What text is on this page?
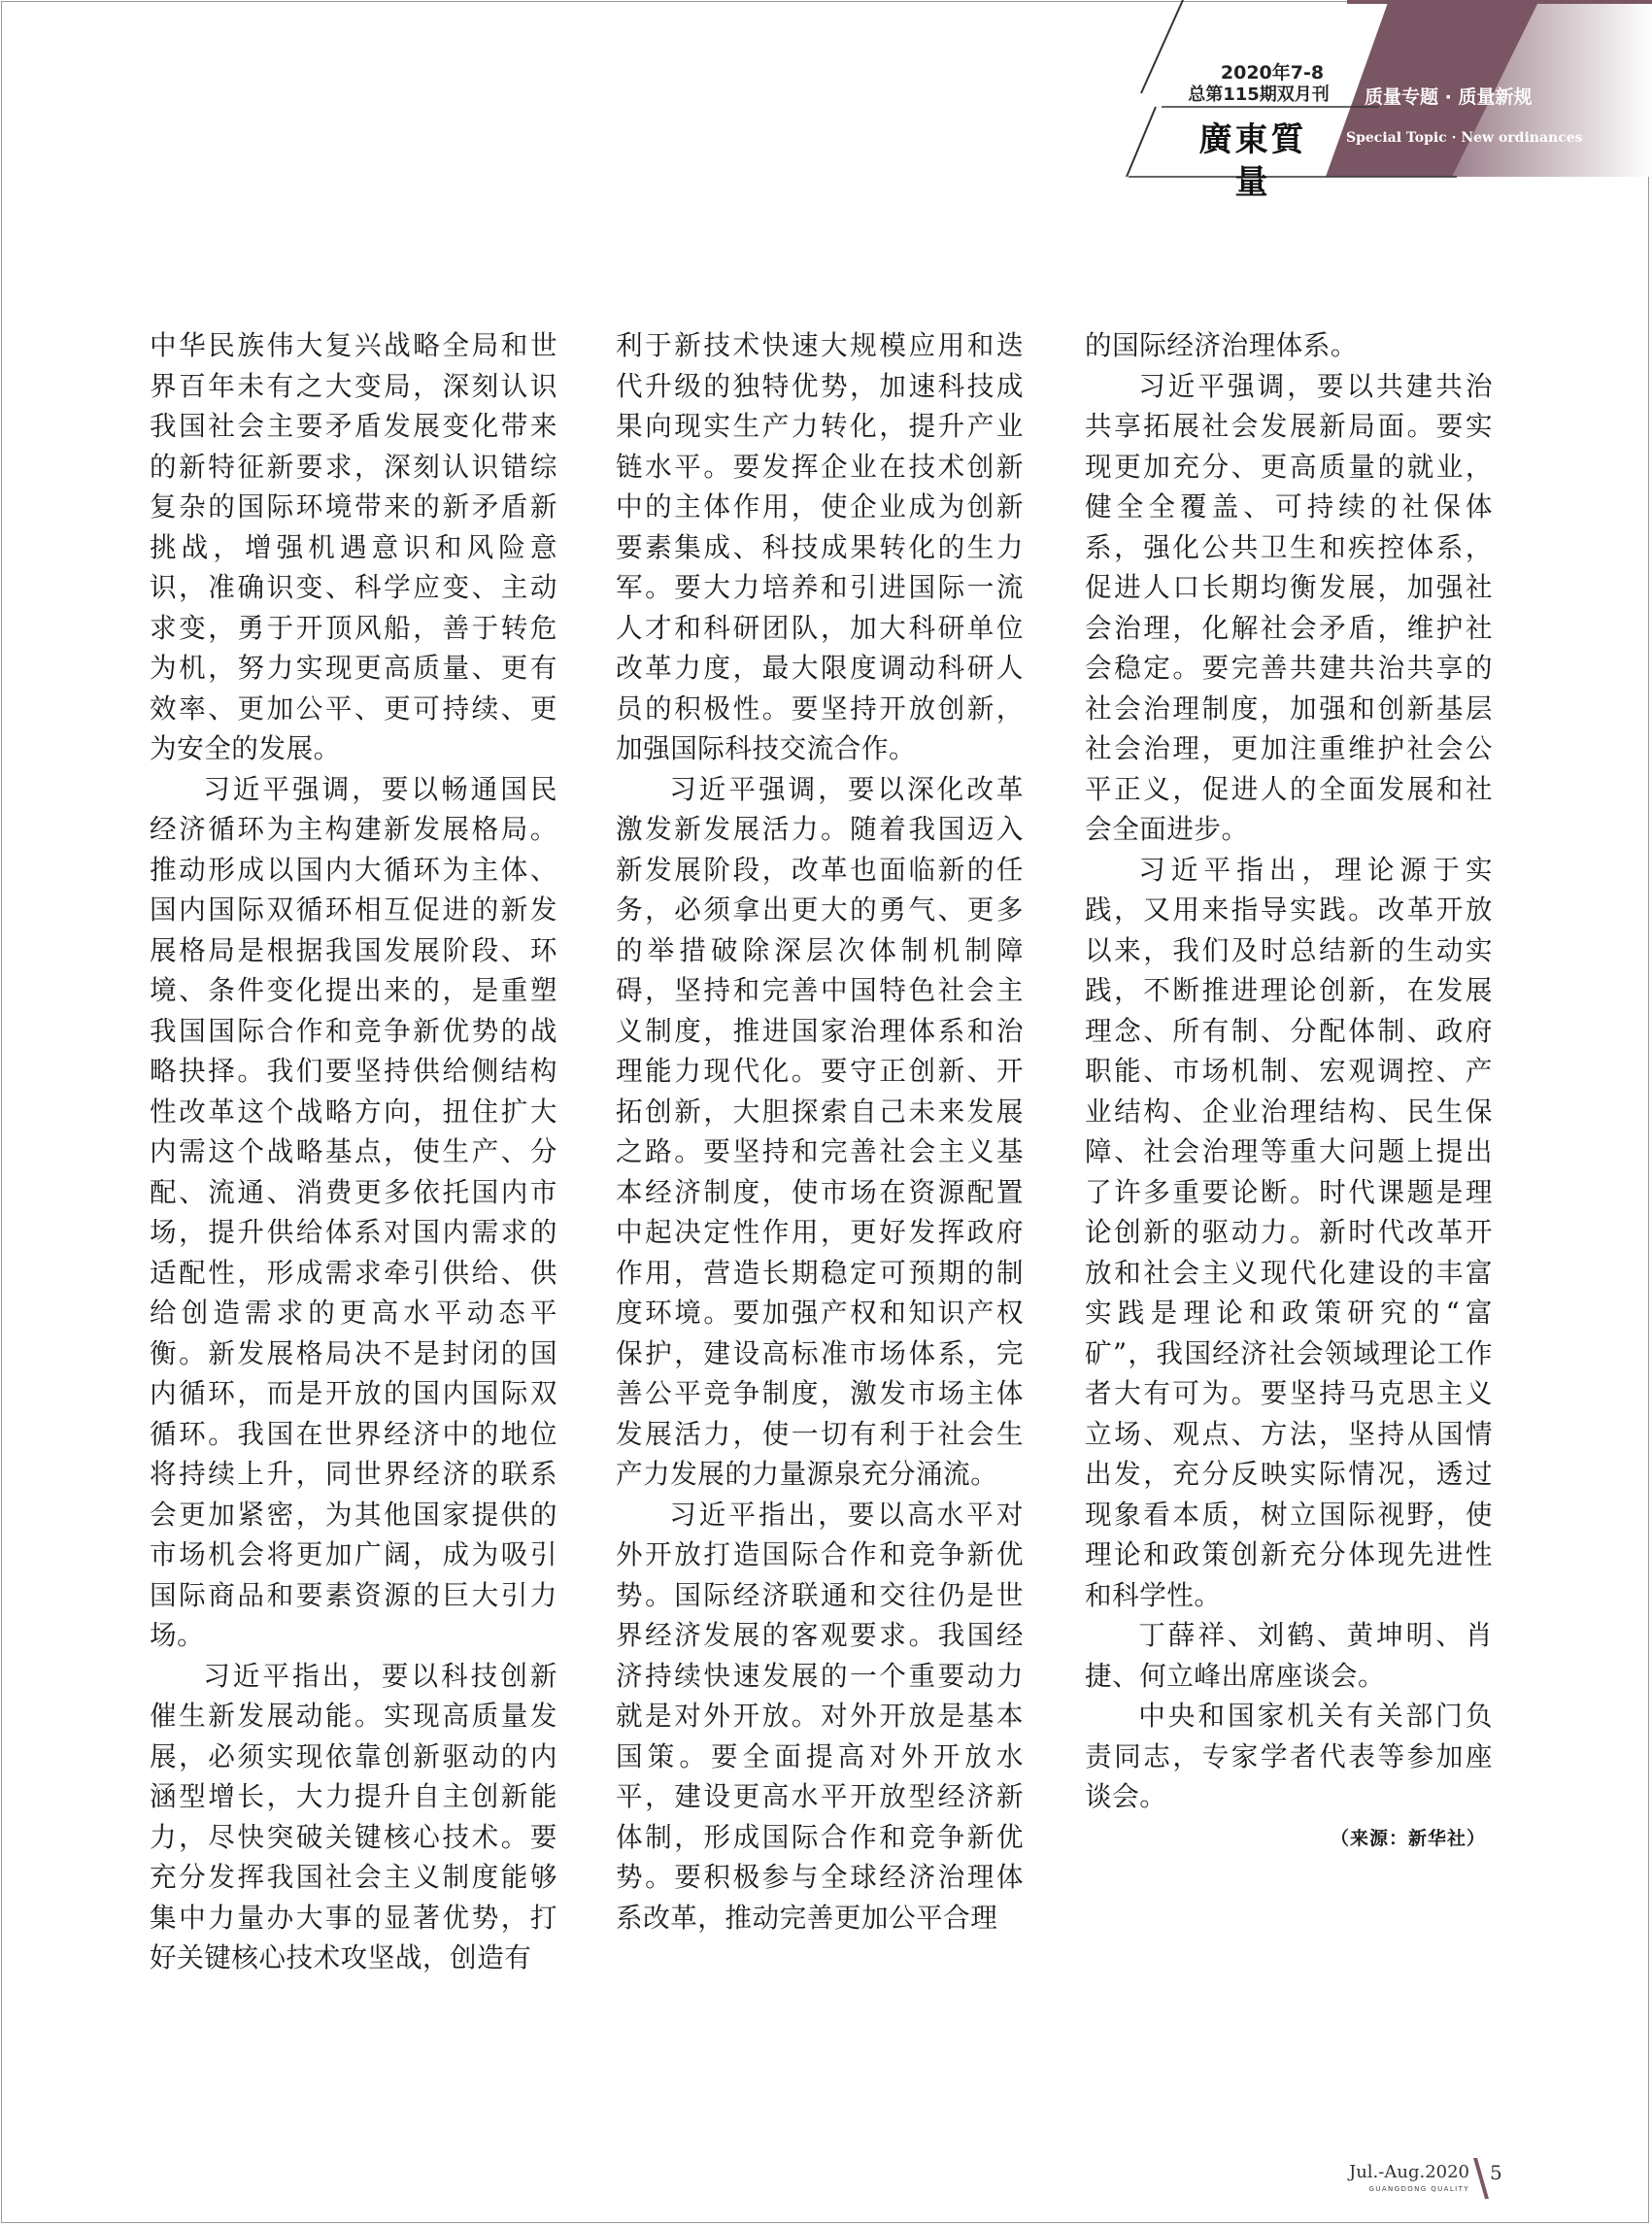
2020年7-8
总第115期双月刊
廣東質量
质量专题 · 质量新规
Special Topic · New ordinances

中华民族伟大复兴战略全局和世界百年未有之大变局，深刻认识我国社会主要矛盾发展变化带来的新特征新要求，深刻认识错综复杂的国际环境带来的新矛盾新挑战，增强机遇意识和风险意识，准确识变、科学应变、主动求变，勇于开顶风船，善于转危为机，努力实现更高质量、更有效率、更加公平、更可持续、更为安全的发展。

习近平强调，要以畅通国民经济循环为主构建新发展格局。推动形成以国内大循环为主体、国内国际双循环相互促进的新发展格局是根据我国发展阶段、环境、条件变化提出来的，是重塑我国国际合作和竞争新优势的战略抉择。我们要坚持供给侧结构性改革这个战略方向，扭住扩大内需这个战略基点，使生产、分配、流通、消费更多依托国内市场，提升供给体系对国内需求的适配性，形成需求牵引供给、供给创造需求的更高水平动态平衡。新发展格局决不是封闭的国内循环，而是开放的国内国际双循环。我国在世界经济中的地位将持续上升，同世界经济的联系会更加紧密，为其他国家提供的市场机会将更加广阔，成为吸引国际商品和要素资源的巨大引力场。

习近平指出，要以科技创新催生新发展动能。实现高质量发展，必须实现依靠创新驱动的内涵型增长，大力提升自主创新能力，尽快突破关键核心技术。要充分发挥我国社会主义制度能够集中力量办大事的显著优势，打好关键核心技术攻坚战，创造有

利于新技术快速大规模应用和迭代升级的独特优势，加速科技成果向现实生产力转化，提升产业链水平。要发挥企业在技术创新中的主体作用，使企业成为创新要素集成、科技成果转化的生力军。要大力培养和引进国际一流人才和科研团队，加大科研单位改革力度，最大限度调动科研人员的积极性。要坚持开放创新，加强国际科技交流合作。

习近平强调，要以深化改革激发新发展活力。随着我国迈入新发展阶段，改革也面临新的任务，必须拿出更大的勇气、更多的举措破除深层次体制机制障碍，坚持和完善中国特色社会主义制度，推进国家治理体系和治理能力现代化。要守正创新、开拓创新，大胆探索自己未来发展之路。要坚持和完善社会主义基本经济制度，使市场在资源配置中起决定性作用，更好发挥政府作用，营造长期稳定可预期的制度环境。要加强产权和知识产权保护，建设高标准市场体系，完善公平竞争制度，激发市场主体发展活力，使一切有利于社会生产力发展的力量源泉充分涌流。

习近平指出，要以高水平对外开放打造国际合作和竞争新优势。国际经济联通和交往仍是世界经济发展的客观要求。我国经济持续快速发展的一个重要动力就是对外开放。对外开放是基本国策。要全面提高对外开放水平，建设更高水平开放型经济新体制，形成国际合作和竞争新优势。要积极参与全球经济治理体系改革，推动完善更加公平合理

的国际经济治理体系。

习近平强调，要以共建共治共享拓展社会发展新局面。要实现更加充分、更高质量的就业，健全全覆盖、可持续的社保体系，强化公共卫生和疾控体系，促进人口长期均衡发展，加强社会治理，化解社会矛盾，维护社会稳定。要完善共建共治共享的社会治理制度，加强和创新基层社会治理，更加注重维护社会公平正义，促进人的全面发展和社会全面进步。

习近平指出，理论源于实践，又用来指导实践。改革开放以来，我们及时总结新的生动实践，不断推进理论创新，在发展理念、所有制、分配体制、政府职能、市场机制、宏观调控、产业结构、企业治理结构、民生保障、社会治理等重大问题上提出了许多重要论断。时代课题是理论创新的驱动力。新时代改革开放和社会主义现代化建设的丰富实践是理论和政策研究的“富矿”，我国经济社会领域理论工作者大有可为。要坚持马克思主义立场、观点、方法，坚持从国情出发，充分反映实际情况，透过现象看本质，树立国际视野，使理论和政策创新充分体现先进性和科学性。

丁薛祥、刘鹤、黄坤明、肖捷、何立峰出席座谈会。

中央和国家机关有关部门负责同志，专家学者代表等参加座谈会。

（来源：新华社）
Jul.-Aug.2020
GUANGDONG QUALITY
5
